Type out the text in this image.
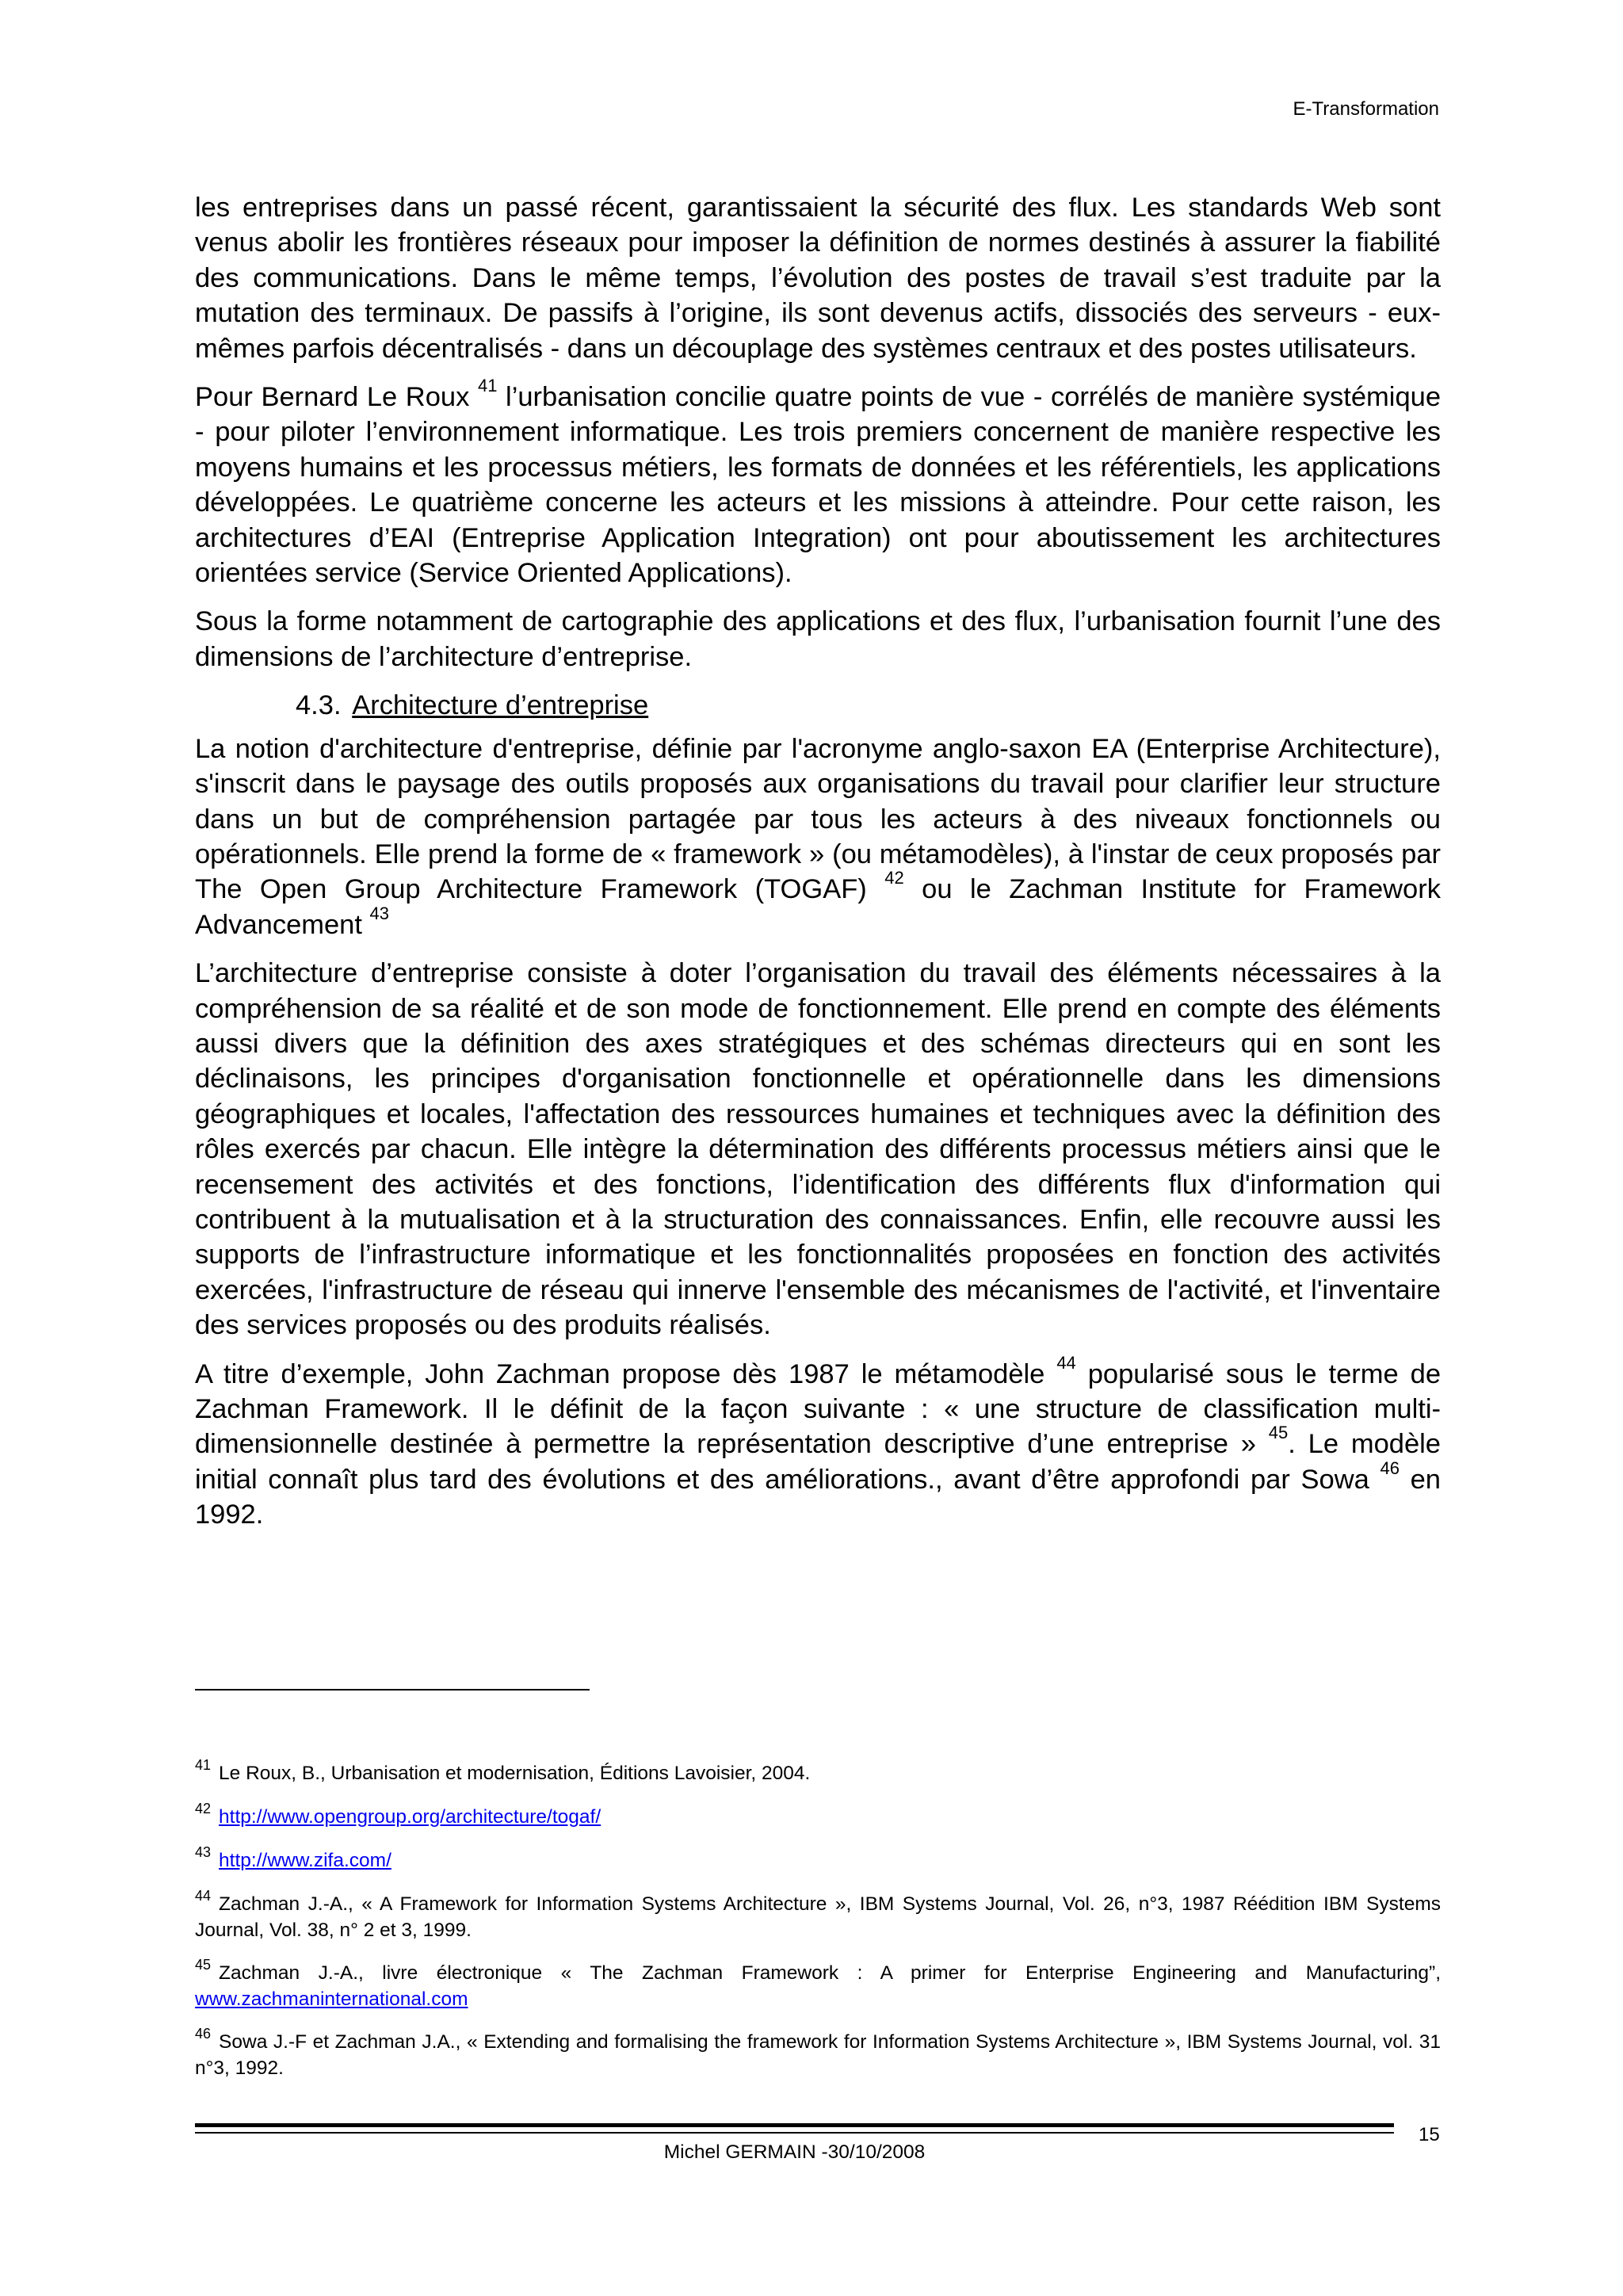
E-Transformation

les entreprises dans un passé récent, garantissaient la sécurité des flux. Les standards Web sont venus abolir les frontières réseaux pour imposer la définition de normes destinés à assurer la fiabilité des communications. Dans le même temps, l’évolution des postes de travail s’est traduite par la mutation des terminaux. De passifs à l’origine, ils sont devenus actifs, dissociés des serveurs - eux-mêmes parfois décentralisés - dans un découplage des systèmes centraux et des postes utilisateurs.

Pour Bernard Le Roux $^{41}$ l’urbanisation concilie quatre points de vue - corrélés de manière systémique - pour piloter l’environnement informatique. Les trois premiers concernent de manière respective les moyens humains et les processus métiers, les formats de données et les référentiels, les applications développées. Le quatrième concerne les acteurs et les missions à atteindre. Pour cette raison, les architectures d’EAI (Entreprise Application Integration) ont pour aboutissement les architectures orientées service (Service Oriented Applications).

Sous la forme notamment de cartographie des applications et des flux, l’urbanisation fournit l’une des dimensions de l’architecture d’entreprise.

4.3. Architecture d’entreprise

La notion d'architecture d'entreprise, définie par l'acronyme anglo-saxon EA (Enterprise Architecture), s'inscrit dans le paysage des outils proposés aux organisations du travail pour clarifier leur structure dans un but de compréhension partagée par tous les acteurs à des niveaux fonctionnels ou opérationnels. Elle prend la forme de « framework » (ou métamodèles), à l'instar de ceux proposés par The Open Group Architecture Framework (TOGAF) $^{42}$ ou le Zachman Institute for Framework Advancement $^{43}$

L’architecture d’entreprise consiste à doter l’organisation du travail des éléments nécessaires à la compréhension de sa réalité et de son mode de fonctionnement. Elle prend en compte des éléments aussi divers que la définition des axes stratégiques et des schémas directeurs qui en sont les déclinaisons, les principes d'organisation fonctionnelle et opérationnelle dans les dimensions géographiques et locales, l'affectation des ressources humaines et techniques avec la définition des rôles exercés par chacun. Elle intègre la détermination des différents processus métiers ainsi que le recensement des activités et des fonctions, l’identification des différents flux d'information qui contribuent à la mutualisation et à la structuration des connaissances. Enfin, elle recouvre aussi les supports de l’infrastructure informatique et les fonctionnalités proposées en fonction des activités exercées, l'infrastructure de réseau qui innerve l'ensemble des mécanismes de l'activité, et l'inventaire des services proposés ou des produits réalisés.

A titre d’exemple, John Zachman propose dès 1987 le métamodèle $^{44}$ popularisé sous le terme de Zachman Framework. Il le définit de la façon suivante : « une structure de classification multi-dimensionnelle destinée à permettre la représentation descriptive d’une entreprise » $^{45}$. Le modèle initial connaît plus tard des évolutions et des améliorations., avant d’être approfondi par Sowa $^{46}$ en 1992.

$^{41}$ Le Roux, B., Urbanisation et modernisation, Éditions Lavoisier, 2004.
$^{42}$ http://www.opengroup.org/architecture/togaf/
$^{43}$ http://www.zifa.com/
$^{44}$ Zachman J.-A., « A Framework for Information Systems Architecture », IBM Systems Journal, Vol. 26, n°3, 1987 Réédition IBM Systems Journal, Vol. 38, n° 2 et 3, 1999.
$^{45}$ Zachman J.-A., livre électronique « The Zachman Framework : A primer for Enterprise Engineering and Manufacturing”, www.zachmaninternational.com
$^{46}$ Sowa J.-F et Zachman J.A., « Extending and formalising the framework for Information Systems Architecture », IBM Systems Journal, vol. 31 n°3, 1992.
15
Michel GERMAIN -30/10/2008
